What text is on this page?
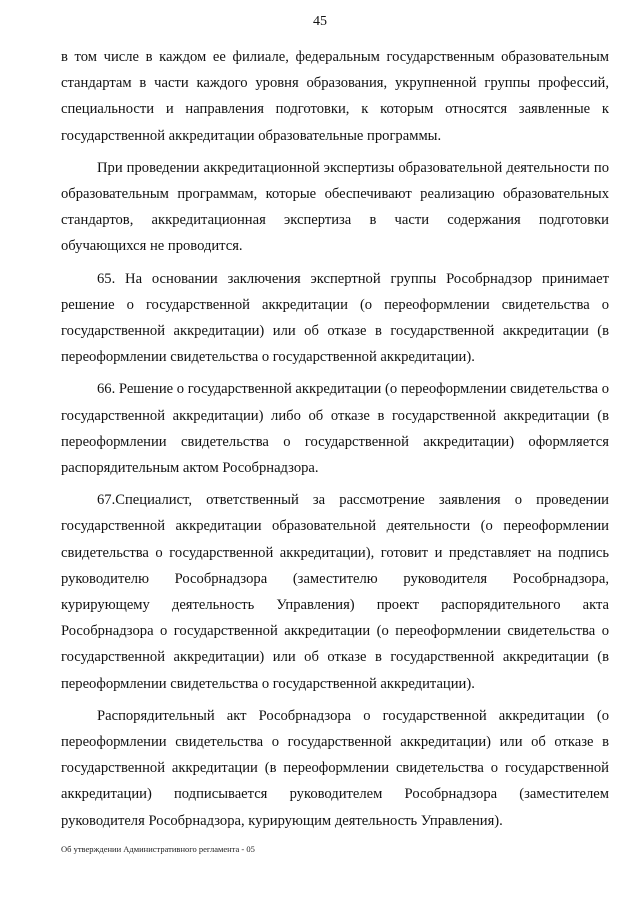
45

в том числе в каждом ее филиале, федеральным государственным образовательным стандартам в части каждого уровня образования, укрупненной группы профессий, специальности и направления подготовки, к которым относятся заявленные к государственной аккредитации образовательные программы.

При проведении аккредитационной экспертизы образовательной деятельности по образовательным программам, которые обеспечивают реализацию образовательных стандартов, аккредитационная экспертиза в части содержания подготовки обучающихся не проводится.

65. На основании заключения экспертной группы Рособрнадзор принимает решение о государственной аккредитации (о переоформлении свидетельства о государственной аккредитации) или об отказе в государственной аккредитации (в переоформлении свидетельства о государственной аккредитации).

66. Решение о государственной аккредитации (о переоформлении свидетельства о государственной аккредитации) либо об отказе в государственной аккредитации (в переоформлении свидетельства о государственной аккредитации) оформляется распорядительным актом Рособрнадзора.

67.Специалист, ответственный за рассмотрение заявления о проведении государственной аккредитации образовательной деятельности (о переоформлении свидетельства о государственной аккредитации), готовит и представляет на подпись руководителю Рособрнадзора (заместителю руководителя Рособрнадзора, курирующему деятельность Управления) проект распорядительного акта Рособрнадзора о государственной аккредитации (о переоформлении свидетельства о государственной аккредитации) или об отказе в государственной аккредитации (в переоформлении свидетельства о государственной аккредитации).

Распорядительный акт Рособрнадзора о государственной аккредитации (о переоформлении свидетельства о государственной аккредитации) или об отказе в государственной аккредитации (в переоформлении свидетельства о государственной аккредитации) подписывается руководителем Рособрнадзора (заместителем руководителя Рособрнадзора, курирующим деятельность Управления).

Об утверждении Административного регламента - 05
